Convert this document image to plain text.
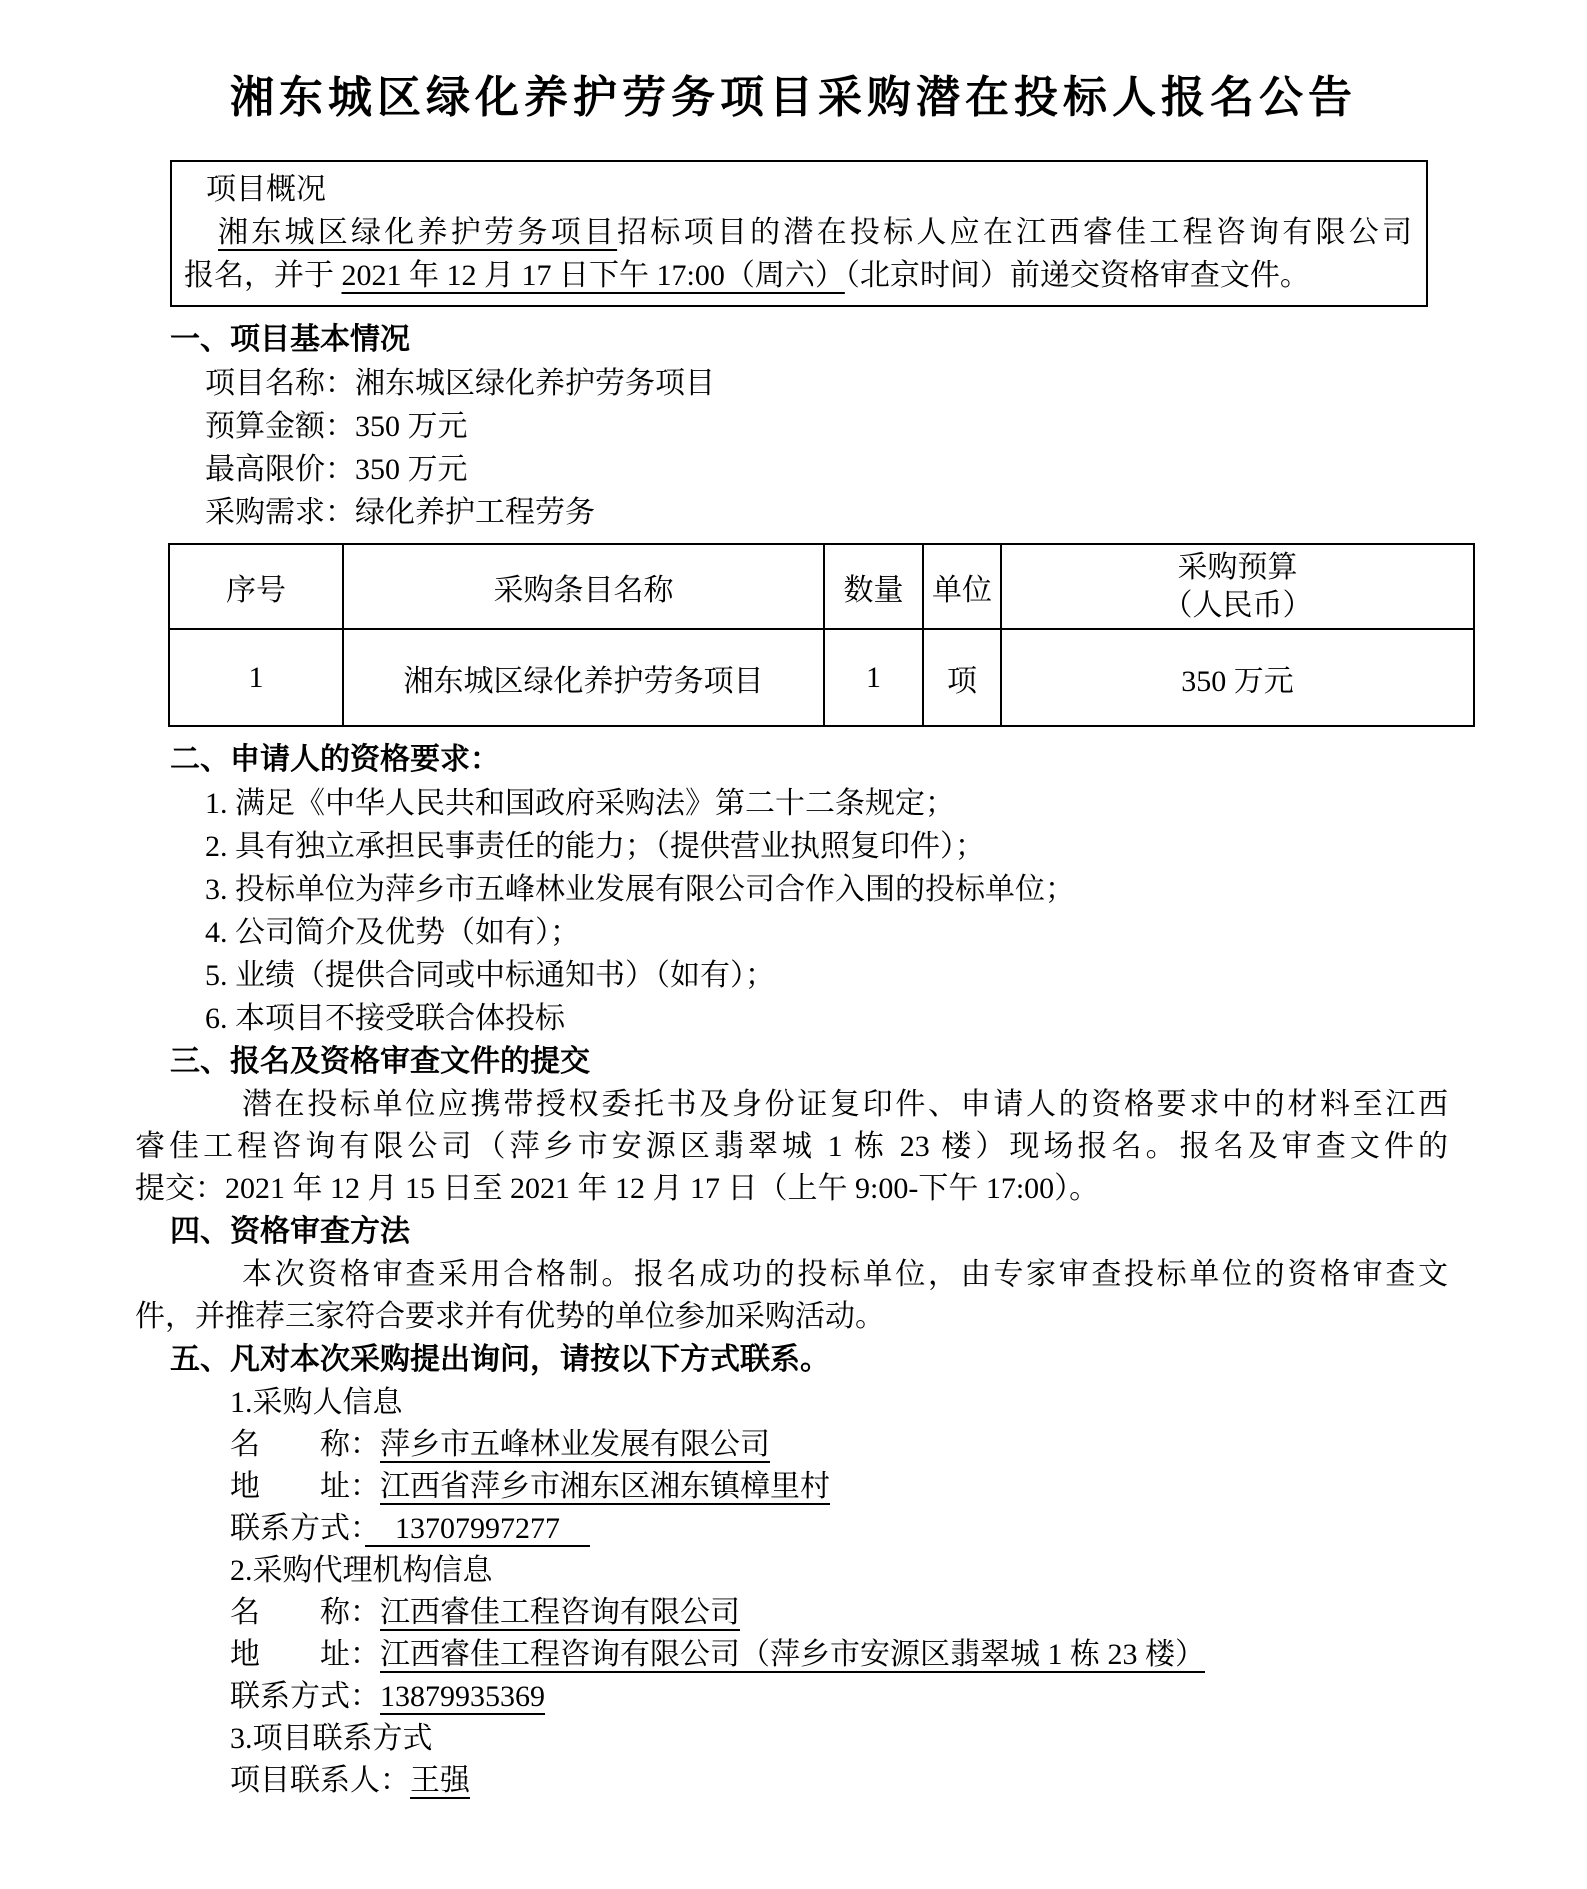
湘东城区绿化养护劳务项目采购潜在投标人报名公告
项目概况
湘东城区绿化养护劳务项目招标项目的潜在投标人应在江西睿佳工程咨询有限公司
报名，并于 2021 年 12 月 17 日下午 17:00（周六）（北京时间）前递交资格审查文件。
一、项目基本情况
项目名称：湘东城区绿化养护劳务项目
预算金额：350 万元
最高限价：350 万元
采购需求：绿化养护工程劳务
序号	采购条目名称	数量	单位	采购预算
（人民币）

1	湘东城区绿化养护劳务项目	1	项	350 万元
二、申请人的资格要求：
1. 满足《中华人民共和国政府采购法》第二十二条规定；
2. 具有独立承担民事责任的能力；（提供营业执照复印件）；
3. 投标单位为萍乡市五峰林业发展有限公司合作入围的投标单位；
4. 公司简介及优势（如有）；
5. 业绩（提供合同或中标通知书）（如有）；
6. 本项目不接受联合体投标
三、报名及资格审查文件的提交
潜在投标单位应携带授权委托书及身份证复印件、申请人的资格要求中的材料至江西
睿佳工程咨询有限公司（萍乡市安源区翡翠城 1 栋 23 楼）现场报名。报名及审查文件的
提交：2021 年 12 月 15 日至 2021 年 12 月 17 日（上午 9:00-下午 17:00）。
四、资格审查方法
本次资格审查采用合格制。报名成功的投标单位，由专家审查投标单位的资格审查文
件，并推荐三家符合要求并有优势的单位参加采购活动。
五、凡对本次采购提出询问，请按以下方式联系。
1.采购人信息
名　　称：萍乡市五峰林业发展有限公司
地　　址：江西省萍乡市湘东区湘东镇樟里村
联系方式：　13707997277　
2.采购代理机构信息
名　　称：江西睿佳工程咨询有限公司
地　　址：江西睿佳工程咨询有限公司（萍乡市安源区翡翠城 1 栋 23 楼）
联系方式：13879935369
3.项目联系方式
项目联系人：王强
